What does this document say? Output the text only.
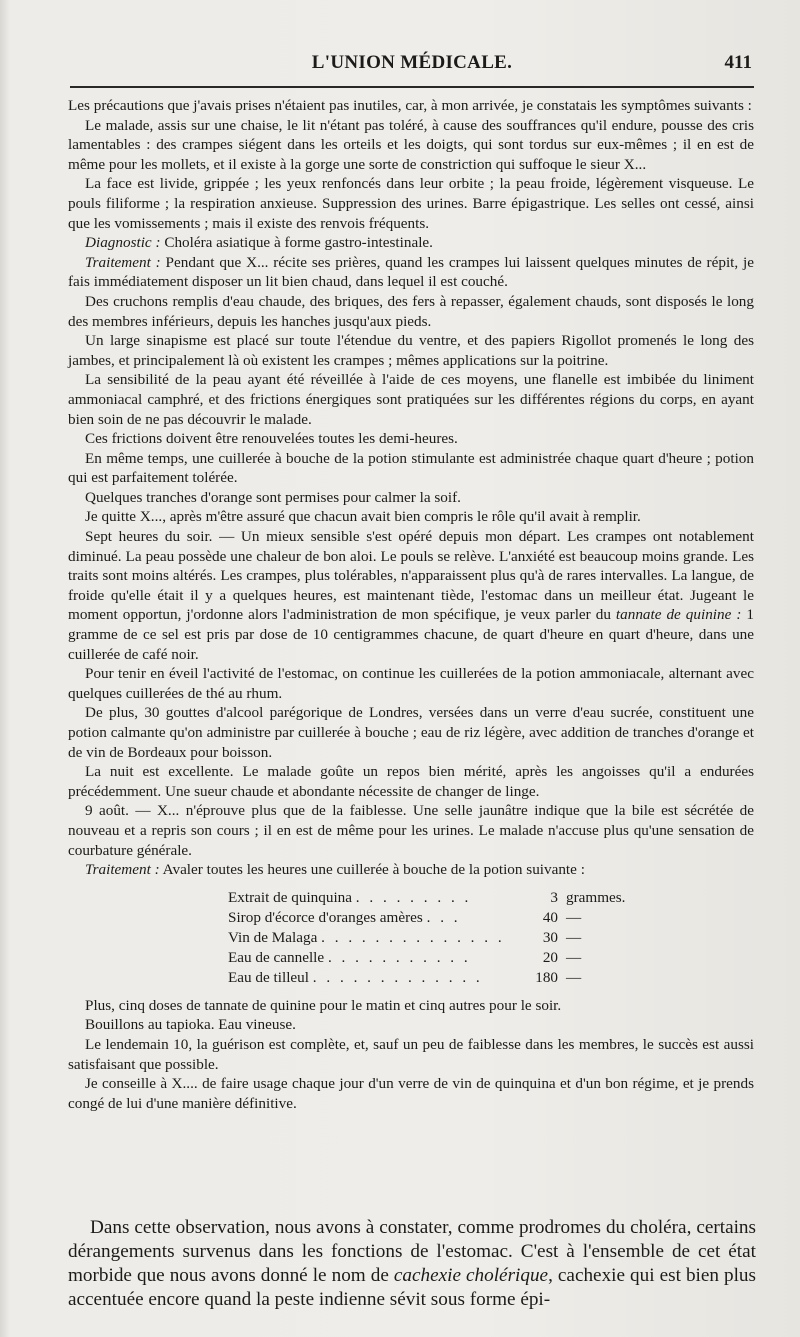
L'UNION MÉDICALE.	411

Les précautions que j'avais prises n'étaient pas inutiles, car, à mon arrivée, je constatais les symptômes suivants :

Le malade, assis sur une chaise, le lit n'étant pas toléré, à cause des souffrances qu'il endure, pousse des cris lamentables : des crampes siégent dans les orteils et les doigts, qui sont tordus sur eux-mêmes ; il en est de même pour les mollets, et il existe à la gorge une sorte de constriction qui suffoque le sieur X...

La face est livide, grippée ; les yeux renfoncés dans leur orbite ; la peau froide, légèrement visqueuse. Le pouls filiforme ; la respiration anxieuse. Suppression des urines. Barre épigastrique. Les selles ont cessé, ainsi que les vomissements ; mais il existe des renvois fréquents.

Diagnostic : Choléra asiatique à forme gastro-intestinale.

Traitement : Pendant que X... récite ses prières, quand les crampes lui laissent quelques minutes de répit, je fais immédiatement disposer un lit bien chaud, dans lequel il est couché.

Des cruchons remplis d'eau chaude, des briques, des fers à repasser, également chauds, sont disposés le long des membres inférieurs, depuis les hanches jusqu'aux pieds.

Un large sinapisme est placé sur toute l'étendue du ventre, et des papiers Rigollot promenés le long des jambes, et principalement là où existent les crampes ; mêmes applications sur la poitrine.

La sensibilité de la peau ayant été réveillée à l'aide de ces moyens, une flanelle est imbibée du liniment ammoniacal camphré, et des frictions énergiques sont pratiquées sur les différentes régions du corps, en ayant bien soin de ne pas découvrir le malade.

Ces frictions doivent être renouvelées toutes les demi-heures.

En même temps, une cuillerée à bouche de la potion stimulante est administrée chaque quart d'heure ; potion qui est parfaitement tolérée.

Quelques tranches d'orange sont permises pour calmer la soif.

Je quitte X..., après m'être assuré que chacun avait bien compris le rôle qu'il avait à remplir.

Sept heures du soir. — Un mieux sensible s'est opéré depuis mon départ. Les crampes ont notablement diminué. La peau possède une chaleur de bon aloi. Le pouls se relève. L'anxiété est beaucoup moins grande. Les traits sont moins altérés. Les crampes, plus tolérables, n'apparaissent plus qu'à de rares intervalles. La langue, de froide qu'elle était il y a quelques heures, est maintenant tiède, l'estomac dans un meilleur état. Jugeant le moment opportun, j'ordonne alors l'administration de mon spécifique, je veux parler du tannate de quinine : 1 gramme de ce sel est pris par dose de 10 centigrammes chacune, de quart d'heure en quart d'heure, dans une cuillerée de café noir.

Pour tenir en éveil l'activité de l'estomac, on continue les cuillerées de la potion ammoniacale, alternant avec quelques cuillerées de thé au rhum.

De plus, 30 gouttes d'alcool parégorique de Londres, versées dans un verre d'eau sucrée, constituent une potion calmante qu'on administre par cuillerée à bouche ; eau de riz légère, avec addition de tranches d'orange et de vin de Bordeaux pour boisson.

La nuit est excellente. Le malade goûte un repos bien mérité, après les angoisses qu'il a endurées précédemment. Une sueur chaude et abondante nécessite de changer de linge.

9 août. — X... n'éprouve plus que de la faiblesse. Une selle jaunâtre indique que la bile est sécrétée de nouveau et a repris son cours ; il en est de même pour les urines. Le malade n'accuse plus qu'une sensation de courbature générale.

Traitement : Avaler toutes les heures une cuillerée à bouche de la potion suivante :

Extrait de quinquina . . . . . . . . .	3 grammes.
Sirop d'écorce d'oranges amères . . .	40 —
Vin de Malaga . . . . . . . . . . . . . .	30 —
Eau de cannelle . . . . . . . . . . .	20 —
Eau de tilleul . . . . . . . . . . . . .	180 —

Plus, cinq doses de tannate de quinine pour le matin et cinq autres pour le soir.

Bouillons au tapioka. Eau vineuse.

Le lendemain 10, la guérison est complète, et, sauf un peu de faiblesse dans les membres, le succès est aussi satisfaisant que possible.

Je conseille à X.... de faire usage chaque jour d'un verre de vin de quinquina et d'un bon régime, et je prends congé de lui d'une manière définitive.

Dans cette observation, nous avons à constater, comme prodromes du choléra, certains dérangements survenus dans les fonctions de l'estomac. C'est à l'ensemble de cet état morbide que nous avons donné le nom de cachexie cholérique, cachexie qui est bien plus accentuée encore quand la peste indienne sévit sous forme épi-
